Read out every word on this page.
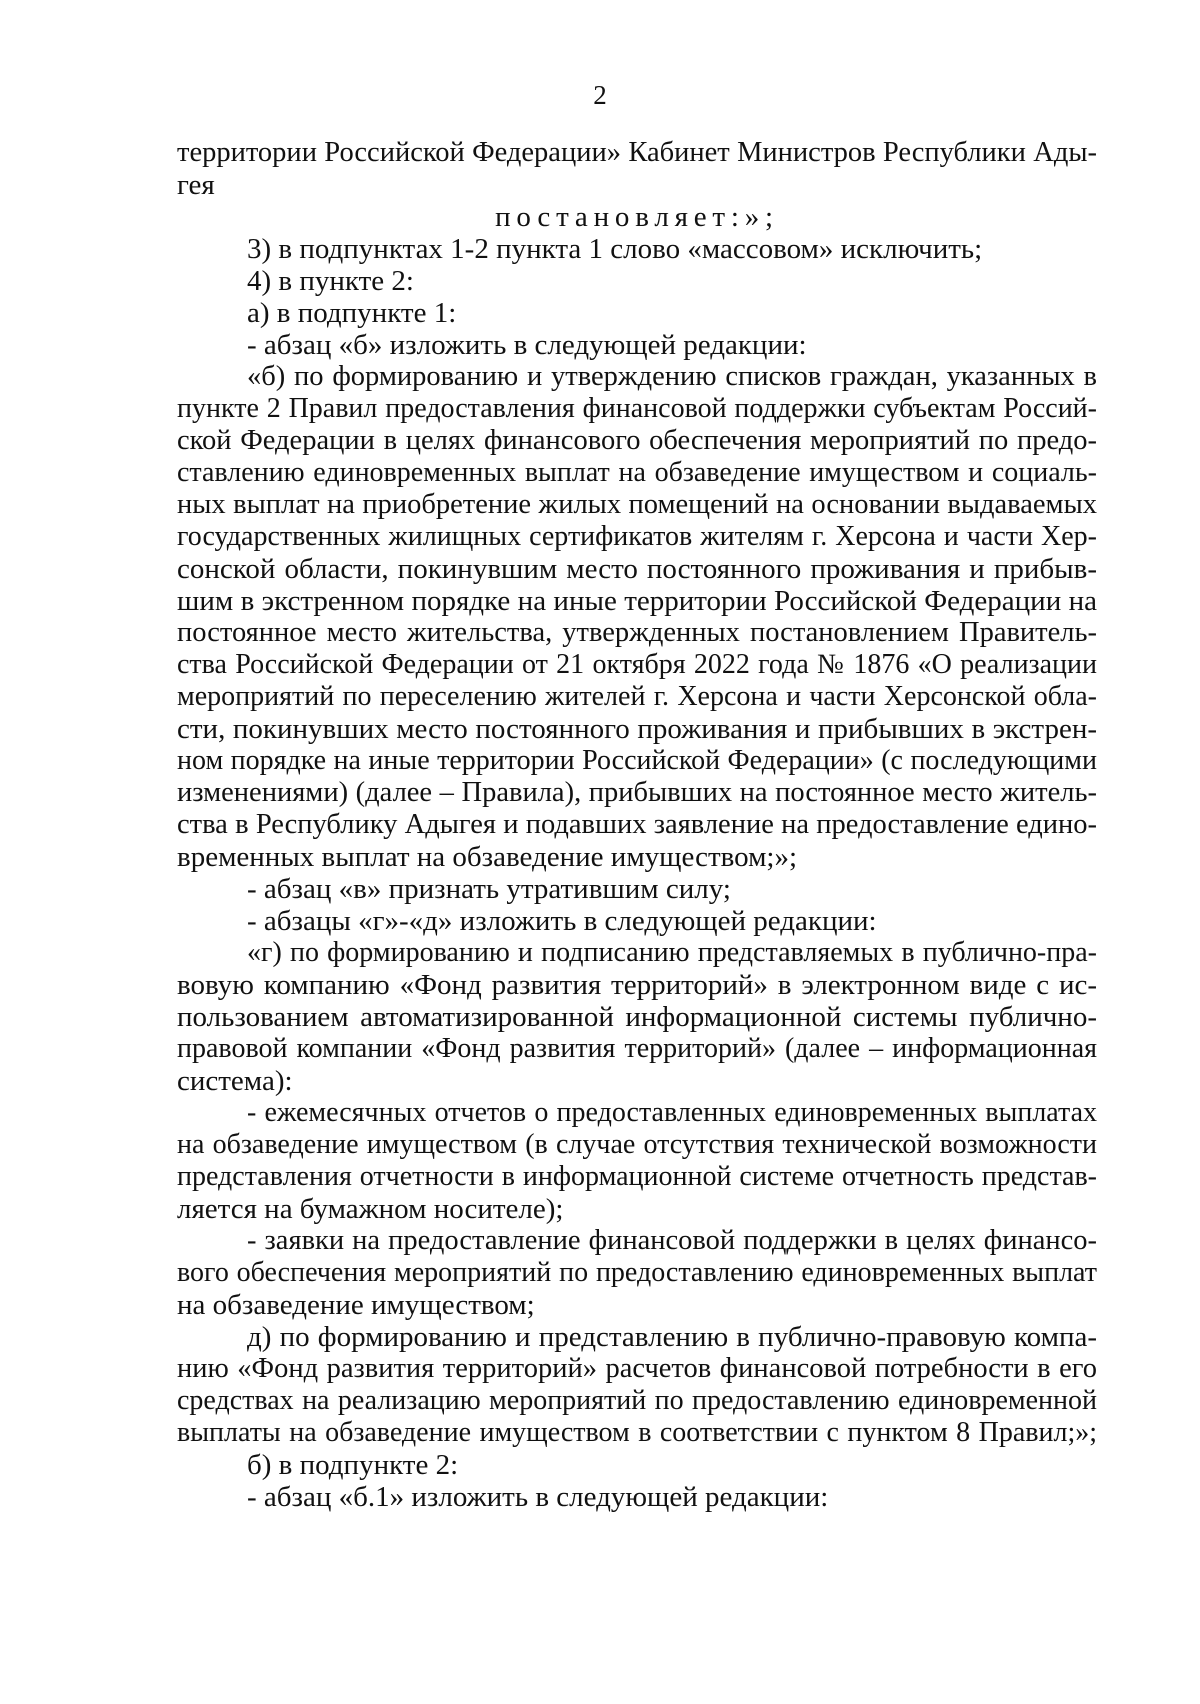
2
территории Российской Федерации» Кабинет Министров Республики Ады-
гея
постановляет:»;
3) в подпунктах 1-2 пункта 1 слово «массовом» исключить;
4) в пункте 2:
а) в подпункте 1:
- абзац «б» изложить в следующей редакции:
«б) по формированию и утверждению списков граждан, указанных в
пункте 2 Правил предоставления финансовой поддержки субъектам Россий-
ской Федерации в целях финансового обеспечения мероприятий по предо-
ставлению единовременных выплат на обзаведение имуществом и социаль-
ных выплат на приобретение жилых помещений на основании выдаваемых
государственных жилищных сертификатов жителям г. Херсона и части Хер-
сонской области, покинувшим место постоянного проживания и прибыв-
шим в экстренном порядке на иные территории Российской Федерации на
постоянное место жительства, утвержденных постановлением Правитель-
ства Российской Федерации от 21 октября 2022 года № 1876 «О реализации
мероприятий по переселению жителей г. Херсона и части Херсонской обла-
сти, покинувших место постоянного проживания и прибывших в экстрен-
ном порядке на иные территории Российской Федерации» (с последующими
изменениями) (далее – Правила), прибывших на постоянное место житель-
ства в Республику Адыгея и подавших заявление на предоставление едино-
временных выплат на обзаведение имуществом;»;
- абзац «в» признать утратившим силу;
- абзацы «г»-«д» изложить в следующей редакции:
«г) по формированию и подписанию представляемых в публично-пра-
вовую компанию «Фонд развития территорий» в электронном виде с ис-
пользованием автоматизированной информационной системы публично-
правовой компании «Фонд развития территорий» (далее – информационная
система):
- ежемесячных отчетов о предоставленных единовременных выплатах
на обзаведение имуществом (в случае отсутствия технической возможности
представления отчетности в информационной системе отчетность представ-
ляется на бумажном носителе);
- заявки на предоставление финансовой поддержки в целях финансо-
вого обеспечения мероприятий по предоставлению единовременных выплат
на обзаведение имуществом;
д) по формированию и представлению в публично-правовую компа-
нию «Фонд развития территорий» расчетов финансовой потребности в его
средствах на реализацию мероприятий по предоставлению единовременной
выплаты на обзаведение имуществом в соответствии с пунктом 8 Правил;»;
б) в подпункте 2:
- абзац «б.1» изложить в следующей редакции:
